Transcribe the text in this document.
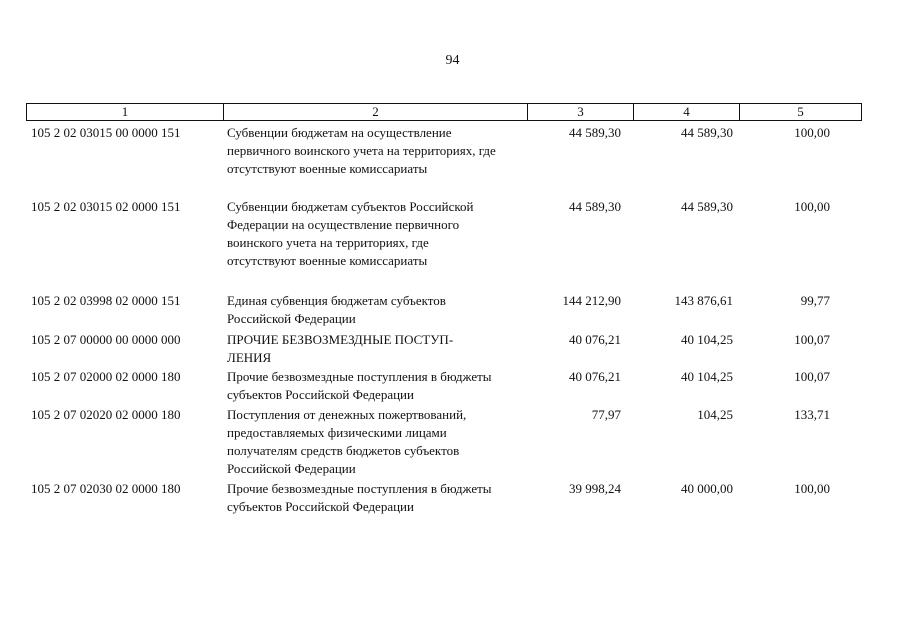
94
1	2	3	4	5
105 2 02 03015 00 0000 151	Субвенции бюджетам на осуществление
первичного воинского учета на территориях, где
отсутствуют военные комиссариаты
44 589,30	44 589,30	100,00
105 2 02 03015 02 0000 151	Субвенции бюджетам субъектов Российской
Федерации на осуществление первичного
воинского учета на территориях, где
отсутствуют военные комиссариаты
44 589,30	44 589,30	100,00
105 2 02 03998 02 0000 151	Единая субвенция бюджетам субъектов
Российской Федерации
144 212,90	143 876,61	99,77
105 2 07 00000 00 0000 000	ПРОЧИЕ БЕЗВОЗМЕЗДНЫЕ ПОСТУП-
ЛЕНИЯ
40 076,21	40 104,25	100,07
105 2 07 02000 02 0000 180	Прочие безвозмездные поступления в бюджеты
субъектов Российской Федерации
40 076,21	40 104,25	100,07
105 2 07 02020 02 0000 180	Поступления от денежных пожертвований,
предоставляемых физическими лицами
получателям средств бюджетов субъектов
Российской Федерации
77,97	104,25	133,71
105 2 07 02030 02 0000 180	Прочие безвозмездные поступления в бюджеты
субъектов Российской Федерации
39 998,24	40 000,00	100,00
